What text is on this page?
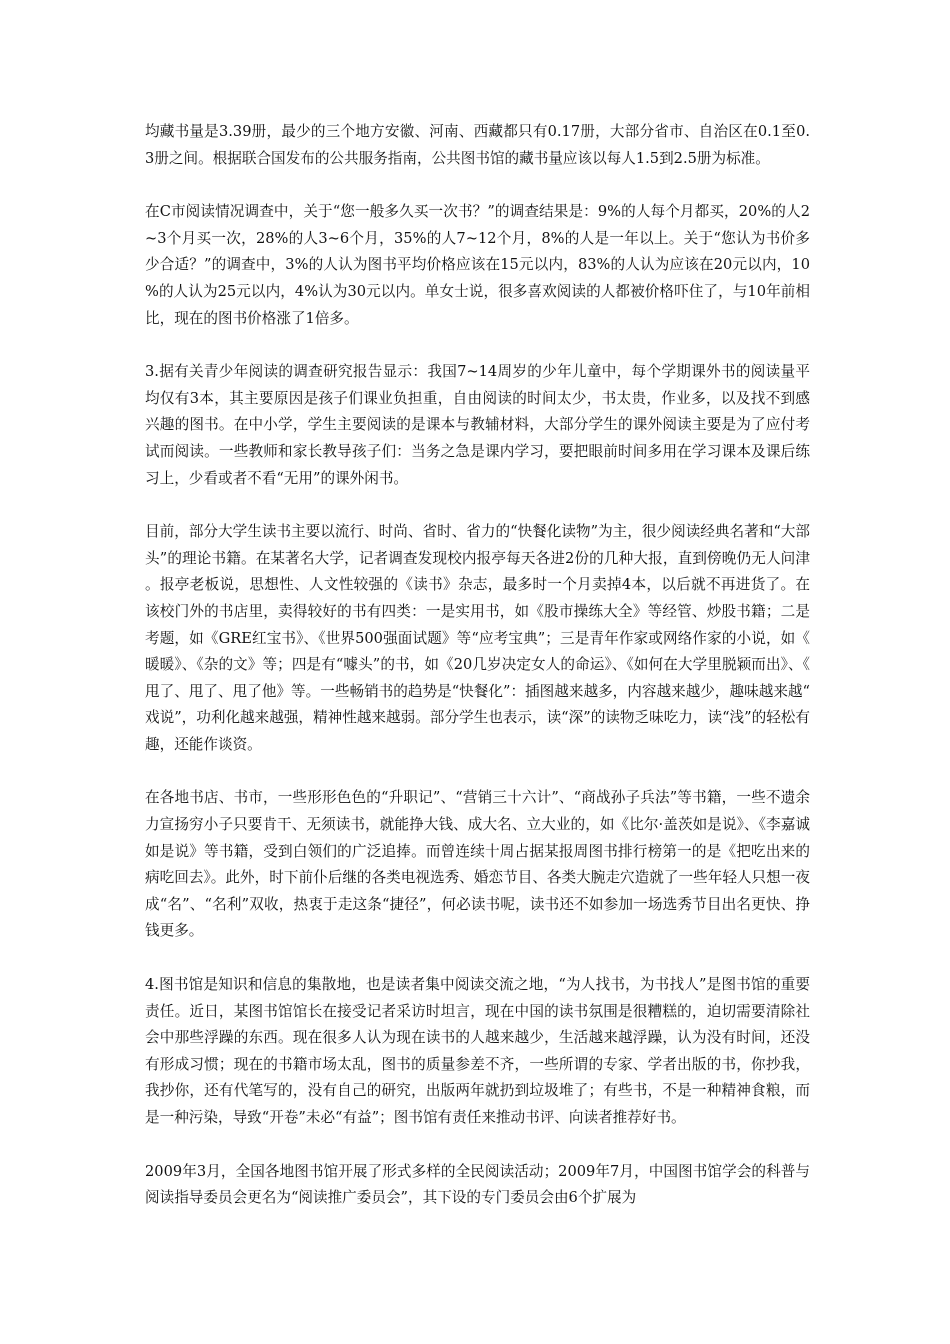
均藏书量是3.39册，最少的三个地方安徽、河南、西藏都只有0.17册，大部分省市、自治区在0.1至0.3册之间。根据联合国发布的公共服务指南，公共图书馆的藏书量应该以每人1.5到2.5册为标准。

在C市阅读情况调查中，关于“您一般多久买一次书？”的调查结果是：9%的人每个月都买，20%的人2~3个月买一次，28%的人3~6个月，35%的人7~12个月，8%的人是一年以上。关于“您认为书价多少合适？”的调查中，3%的人认为图书平均价格应该在15元以内，83%的人认为应该在20元以内，10%的人认为25元以内，4%认为30元以内。单女士说，很多喜欢阅读的人都被价格吓住了，与10年前相比，现在的图书价格涨了1倍多。

3.据有关青少年阅读的调查研究报告显示：我国7~14周岁的少年儿童中，每个学期课外书的阅读量平均仅有3本，其主要原因是孩子们课业负担重，自由阅读的时间太少，书太贵，作业多，以及找不到感兴趣的图书。在中小学，学生主要阅读的是课本与教辅材料，大部分学生的课外阅读主要是为了应付考试而阅读。一些教师和家长教导孩子们：当务之急是课内学习，要把眼前时间多用在学习课本及课后练习上，少看或者不看“无用”的课外闲书。

目前，部分大学生读书主要以流行、时尚、省时、省力的“快餐化读物”为主，很少阅读经典名著和“大部头”的理论书籍。在某著名大学，记者调查发现校内报亭每天各进2份的几种大报，直到傍晚仍无人问津。报亭老板说，思想性、人文性较强的《读书》杂志，最多时一个月卖掉4本，以后就不再进货了。在该校门外的书店里，卖得较好的书有四类：一是实用书，如《股市操练大全》等经管、炒股书籍；二是考题，如《GRE红宝书》、《世界500强面试题》等“应考宝典”；三是青年作家或网络作家的小说，如《暖暖》、《杂的文》等；四是有“噱头”的书，如《20几岁决定女人的命运》、《如何在大学里脱颖而出》、《甩了、甩了、甩了他》等。一些畅销书的趋势是“快餐化”：插图越来越多，内容越来越少，趣味越来越“戏说”，功利化越来越强，精神性越来越弱。部分学生也表示，读“深”的读物乏味吃力，读“浅”的轻松有趣，还能作谈资。

在各地书店、书市，一些形形色色的“升职记”、“营销三十六计”、“商战孙子兵法”等书籍，一些不遗余力宣扬穷小子只要肯干、无须读书，就能挣大钱、成大名、立大业的，如《比尔·盖茨如是说》、《李嘉诚如是说》等书籍，受到白领们的广泛追捧。而曾连续十周占据某报周图书排行榜第一的是《把吃出来的病吃回去》。此外，时下前仆后继的各类电视选秀、婚恋节目、各类大腕走穴造就了一些年轻人只想一夜成“名”、“名利”双收，热衷于走这条“捷径”，何必读书呢，读书还不如参加一场选秀节目出名更快、挣钱更多。

4.图书馆是知识和信息的集散地，也是读者集中阅读交流之地，“为人找书，为书找人”是图书馆的重要责任。近日，某图书馆馆长在接受记者采访时坦言，现在中国的读书氛围是很糟糕的，迫切需要清除社会中那些浮躁的东西。现在很多人认为现在读书的人越来越少，生活越来越浮躁，认为没有时间，还没有形成习惯；现在的书籍市场太乱，图书的质量参差不齐，一些所谓的专家、学者出版的书，你抄我，我抄你，还有代笔写的，没有自己的研究，出版两年就扔到垃圾堆了；有些书，不是一种精神食粮，而是一种污染，导致“开卷”未必“有益”；图书馆有责任来推动书评、向读者推荐好书。

2009年3月，全国各地图书馆开展了形式多样的全民阅读活动；2009年7月，中国图书馆学会的科普与阅读指导委员会更名为“阅读推广委员会”，其下设的专门委员会由6个扩展为
